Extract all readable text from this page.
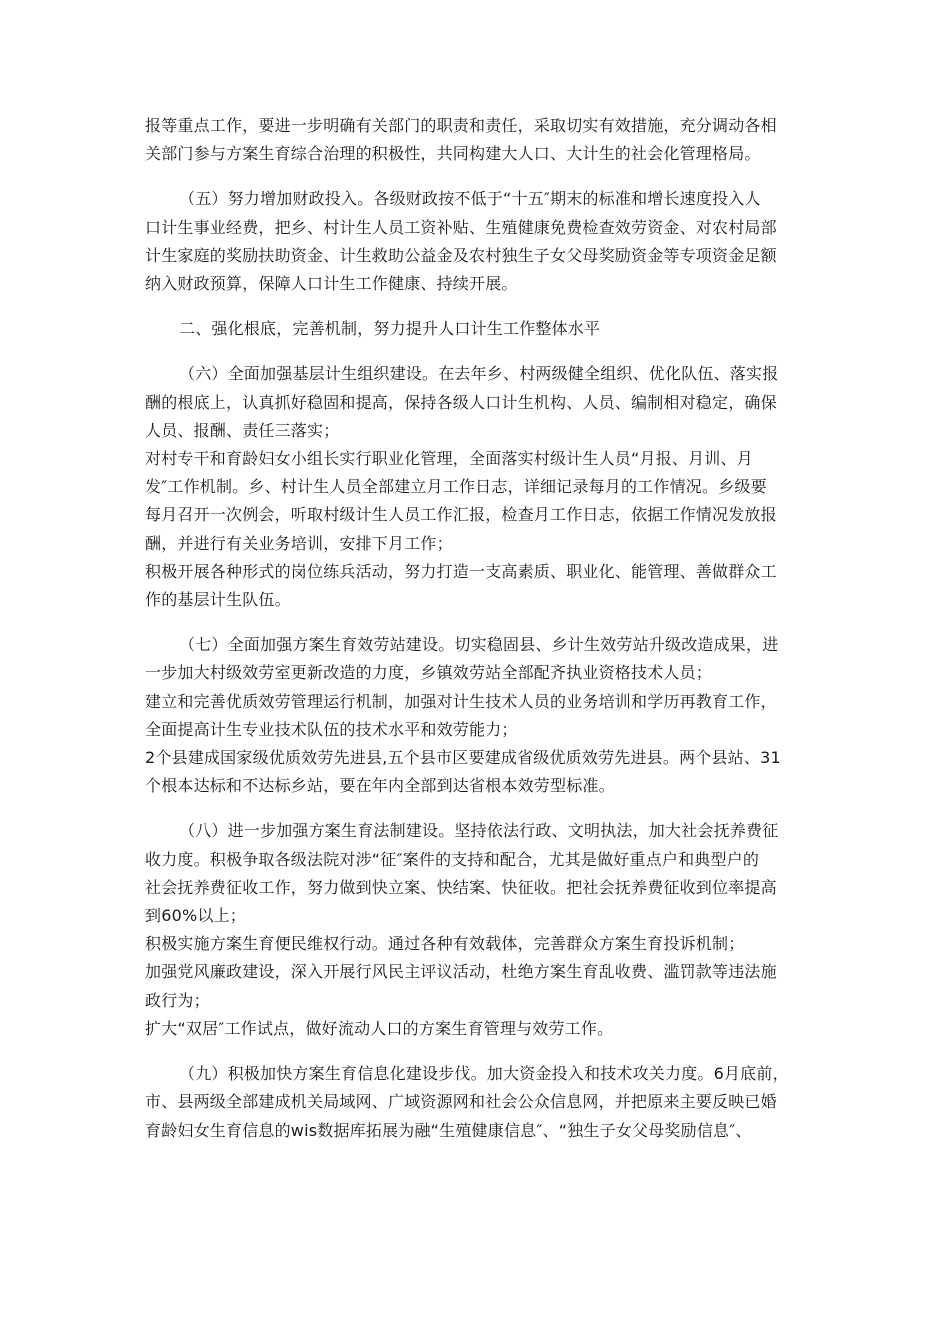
报等重点工作，要进一步明确有关部门的职责和责任，采取切实有效措施，充分调动各相
关部门参与方案生育综合治理的积极性，共同构建大人口、大计生的社会化管理格局。
（五）努力增加财政投入。各级财政按不低于“十五″期末的标准和增长速度投入人
口计生事业经费，把乡、村计生人员工资补贴、生殖健康免费检查效劳资金、对农村局部
计生家庭的奖励扶助资金、计生救助公益金及农村独生子女父母奖励资金等专项资金足额
纳入财政预算，保障人口计生工作健康、持续开展。
二、强化根底，完善机制，努力提升人口计生工作整体水平
（六）全面加强基层计生组织建设。在去年乡、村两级健全组织、优化队伍、落实报
酬的根底上，认真抓好稳固和提高，保持各级人口计生机构、人员、编制相对稳定，确保
人员、报酬、责任三落实；
对村专干和育龄妇女小组长实行职业化管理，全面落实村级计生人员“月报、月训、月
发″工作机制。乡、村计生人员全部建立月工作日志，详细记录每月的工作情况。乡级要
每月召开一次例会，听取村级计生人员工作汇报，检查月工作日志，依据工作情况发放报
酬，并进行有关业务培训，安排下月工作；
积极开展各种形式的岗位练兵活动，努力打造一支高素质、职业化、能管理、善做群众工
作的基层计生队伍。
（七）全面加强方案生育效劳站建设。切实稳固县、乡计生效劳站升级改造成果，进
一步加大村级效劳室更新改造的力度，乡镇效劳站全部配齐执业资格技术人员；
建立和完善优质效劳管理运行机制，加强对计生技术人员的业务培训和学历再教育工作，
全面提高计生专业技术队伍的技术水平和效劳能力；
2个县建成国家级优质效劳先进县,五个县市区要建成省级优质效劳先进县。两个县站、31
个根本达标和不达标乡站，要在年内全部到达省根本效劳型标准。
（八）进一步加强方案生育法制建设。坚持依法行政、文明执法，加大社会抚养费征
收力度。积极争取各级法院对涉“征″案件的支持和配合，尤其是做好重点户和典型户的
社会抚养费征收工作，努力做到快立案、快结案、快征收。把社会抚养费征收到位率提高
到60%以上；
积极实施方案生育便民维权行动。通过各种有效载体，完善群众方案生育投诉机制；
加强党风廉政建设，深入开展行风民主评议活动，杜绝方案生育乱收费、滥罚款等违法施
政行为；
扩大“双居″工作试点，做好流动人口的方案生育管理与效劳工作。
（九）积极加快方案生育信息化建设步伐。加大资金投入和技术攻关力度。6月底前，
市、县两级全部建成机关局域网、广域资源网和社会公众信息网，并把原来主要反映已婚
育龄妇女生育信息的wis数据库拓展为融“生殖健康信息″、“独生子女父母奖励信息″、
